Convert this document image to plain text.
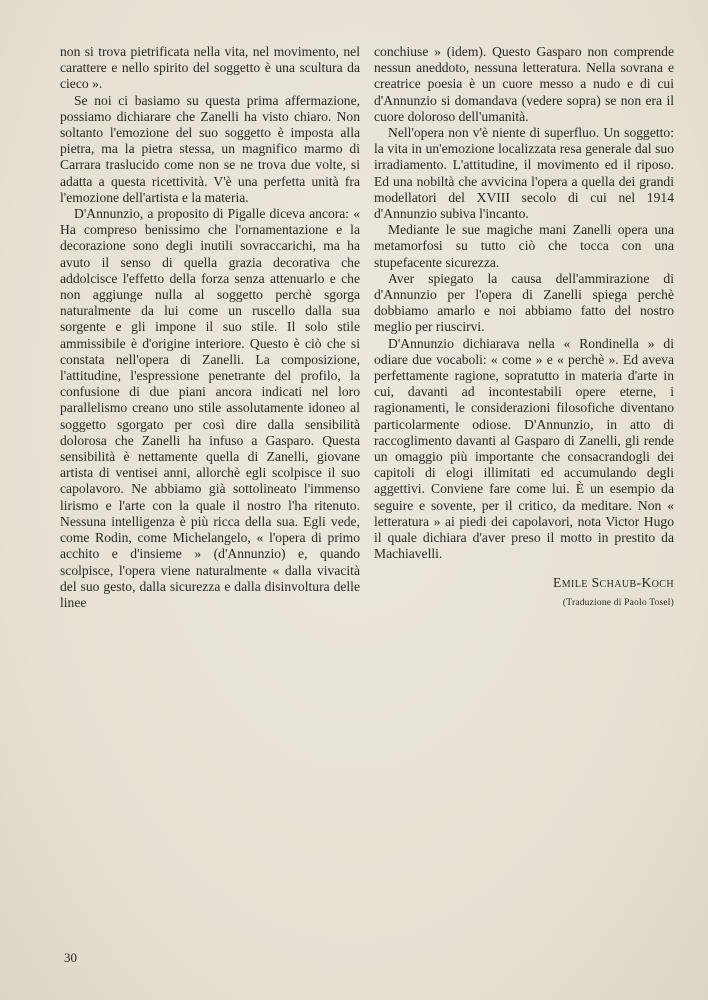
non si trova pietrificata nella vita, nel movimento, nel carattere e nello spirito del soggetto è una scultura da cieco ».

Se noi ci basiamo su questa prima affermazione, possiamo dichiarare che Zanelli ha visto chiaro. Non soltanto l'emozione del suo soggetto è imposta alla pietra, ma la pietra stessa, un magnifico marmo di Carrara traslucido come non se ne trova due volte, si adatta a questa ricettività. V'è una perfetta unità fra l'emozione dell'artista e la materia.

D'Annunzio, a proposito di Pigalle diceva ancora: « Ha compreso benissimo che l'ornamentazione e la decorazione sono degli inutili sovraccarichi, ma ha avuto il senso di quella grazia decorativa che addolcisce l'effetto della forza senza attenuarlo e che non aggiunge nulla al soggetto perchè sgorga naturalmente da lui come un ruscello dalla sua sorgente e gli impone il suo stile. Il solo stile ammissibile è d'origine interiore. Questo è ciò che si constata nell'opera di Zanelli. La composizione, l'attitudine, l'espressione penetrante del profilo, la confusione di due piani ancora indicati nel loro parallelismo creano uno stile assolutamente idoneo al soggetto sgorgato per così dire dalla sensibilità dolorosa che Zanelli ha infuso a Gasparo. Questa sensibilità è nettamente quella di Zanelli, giovane artista di ventisei anni, allorchè egli scolpisce il suo capolavoro. Ne abbiamo già sottolineato l'immenso lirismo e l'arte con la quale il nostro l'ha ritenuto. Nessuna intelligenza è più ricca della sua. Egli vede, come Rodin, come Michelangelo, « l'opera di primo acchito e d'insieme » (d'Annunzio) e, quando scolpisce, l'opera viene naturalmente « dalla vivacità del suo gesto, dalla sicurezza e dalla disinvoltura delle linee

conchiuse » (idem). Questo Gasparo non comprende nessun aneddoto, nessuna letteratura. Nella sovrana e creatrice poesia è un cuore messo a nudo e di cui d'Annunzio si domandava (vedere sopra) se non era il cuore doloroso dell'umanità.

Nell'opera non v'è niente di superfluo. Un soggetto: la vita in un'emozione localizzata resa generale dal suo irradiamento. L'attitudine, il movimento ed il riposo. Ed una nobiltà che avvicina l'opera a quella dei grandi modellatori del XVIII secolo di cui nel 1914 d'Annunzio subiva l'incanto.

Mediante le sue magiche mani Zanelli opera una metamorfosi su tutto ciò che tocca con una stupefacente sicurezza.

Aver spiegato la causa dell'ammirazione di d'Annunzio per l'opera di Zanelli spiega perchè dobbiamo amarlo e noi abbiamo fatto del nostro meglio per riuscirvi.

D'Annunzio dichiarava nella « Rondinella » di odiare due vocaboli: « come » e « perchè ». Ed aveva perfettamente ragione, sopratutto in materia d'arte in cui, davanti ad incontestabili opere eterne, i ragionamenti, le considerazioni filosofiche diventano particolarmente odiose. D'Annunzio, in atto di raccoglimento davanti al Gasparo di Zanelli, gli rende un omaggio più importante che consacrandogli dei capitoli di elogi illimitati ed accumulando degli aggettivi. Conviene fare come lui. È un esempio da seguire e sovente, per il critico, da meditare. Non « letteratura » ai piedi dei capolavori, nota Victor Hugo il quale dichiara d'aver preso il motto in prestito da Machiavelli.

Emile Schaub-Koch
(Traduzione di Paolo Tosel)
30
